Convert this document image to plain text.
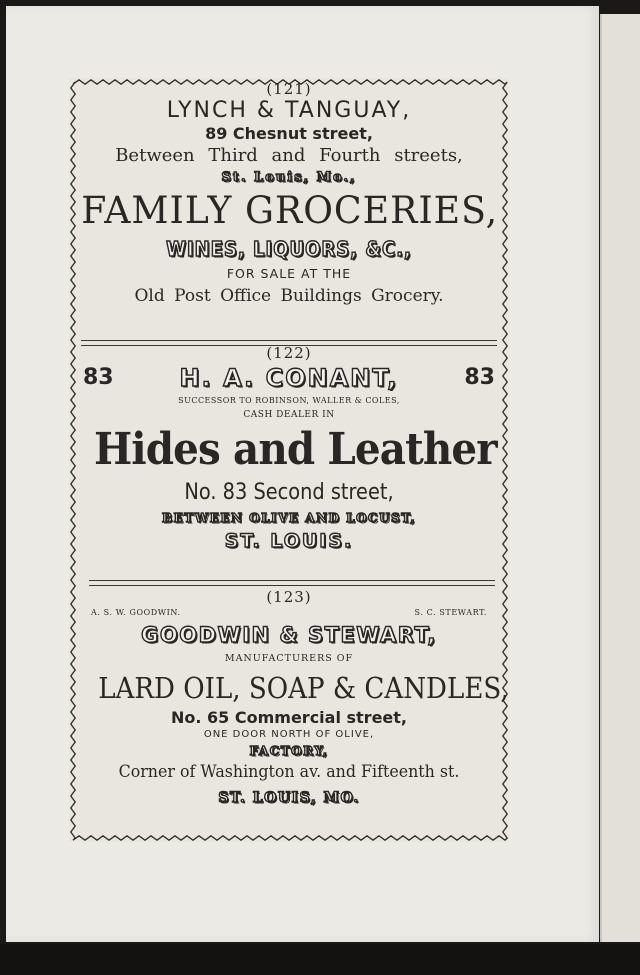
(121)
LYNCH & TANGUAY,
89 Chesnut street,
Between Third and Fourth streets,
St. Louis, Mo.,
FAMILY GROCERIES,
WINES, LIQUORS, &C.,
FOR SALE AT THE
Old Post Office Buildings Grocery.
(122)
83	H. A. CONANT,	83
SUCCESSOR TO ROBINSON, WALLER & COLES,
CASH DEALER IN
Hides and Leather
No. 83 Second street,
BETWEEN OLIVE AND LOCUST,
ST. LOUIS.
(123)
A. S. W. GOODWIN.	S. C. STEWART.
GOODWIN & STEWART,
MANUFACTURERS OF
LARD OIL, SOAP & CANDLES,
No. 65 Commercial street,
ONE DOOR NORTH OF OLIVE,
FACTORY,
Corner of Washington av. and Fifteenth st.
ST. LOUIS, MO.
